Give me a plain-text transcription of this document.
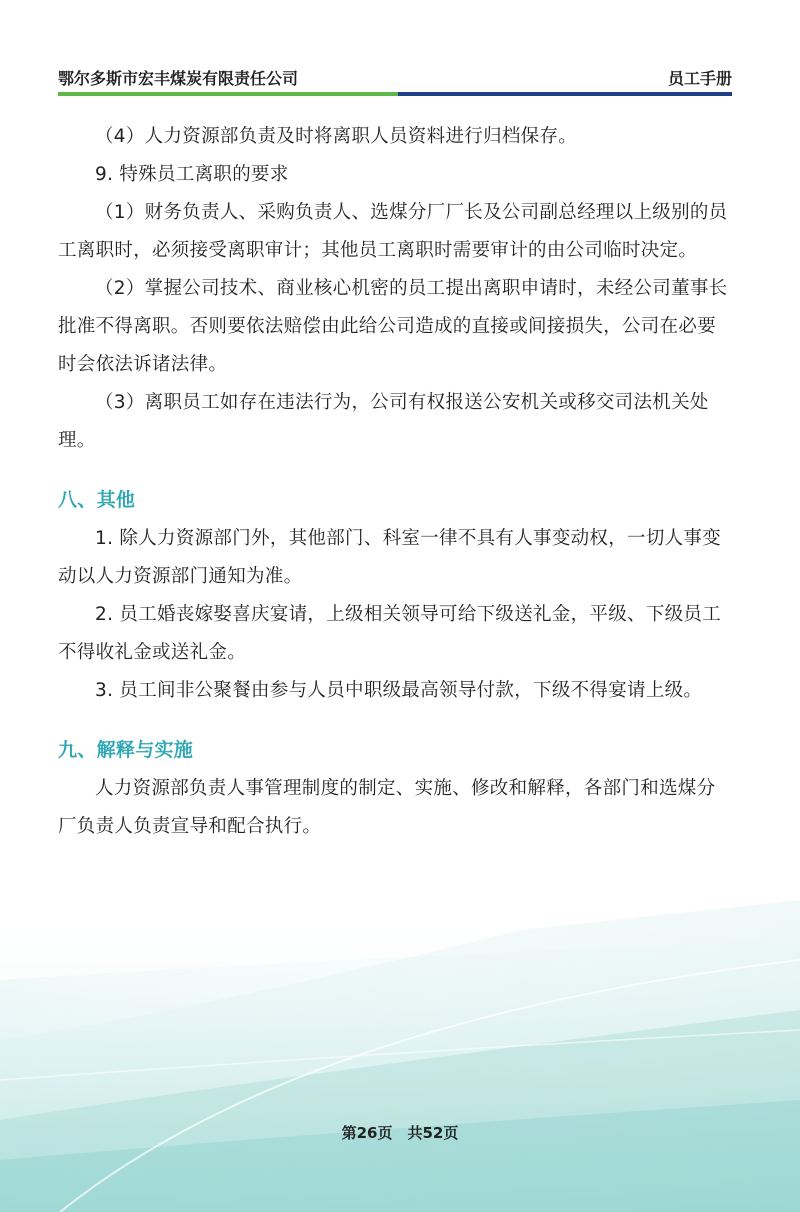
鄂尔多斯市宏丰煤炭有限责任公司	员工手册

（4）人力资源部负责及时将离职人员资料进行归档保存。

9. 特殊员工离职的要求

（1）财务负责人、采购负责人、选煤分厂厂长及公司副总经理以上级别的员工离职时，必须接受离职审计；其他员工离职时需要审计的由公司临时决定。

（2）掌握公司技术、商业核心机密的员工提出离职申请时，未经公司董事长批准不得离职。否则要依法赔偿由此给公司造成的直接或间接损失，公司在必要时会依法诉诸法律。

（3）离职员工如存在违法行为，公司有权报送公安机关或移交司法机关处理。

八、其他

1. 除人力资源部门外，其他部门、科室一律不具有人事变动权，一切人事变动以人力资源部门通知为准。

2. 员工婚丧嫁娶喜庆宴请，上级相关领导可给下级送礼金，平级、下级员工不得收礼金或送礼金。

3. 员工间非公聚餐由参与人员中职级最高领导付款，下级不得宴请上级。

九、解释与实施

人力资源部负责人事管理制度的制定、实施、修改和解释，各部门和选煤分厂负责人负责宣导和配合执行。

第26页　共52页
